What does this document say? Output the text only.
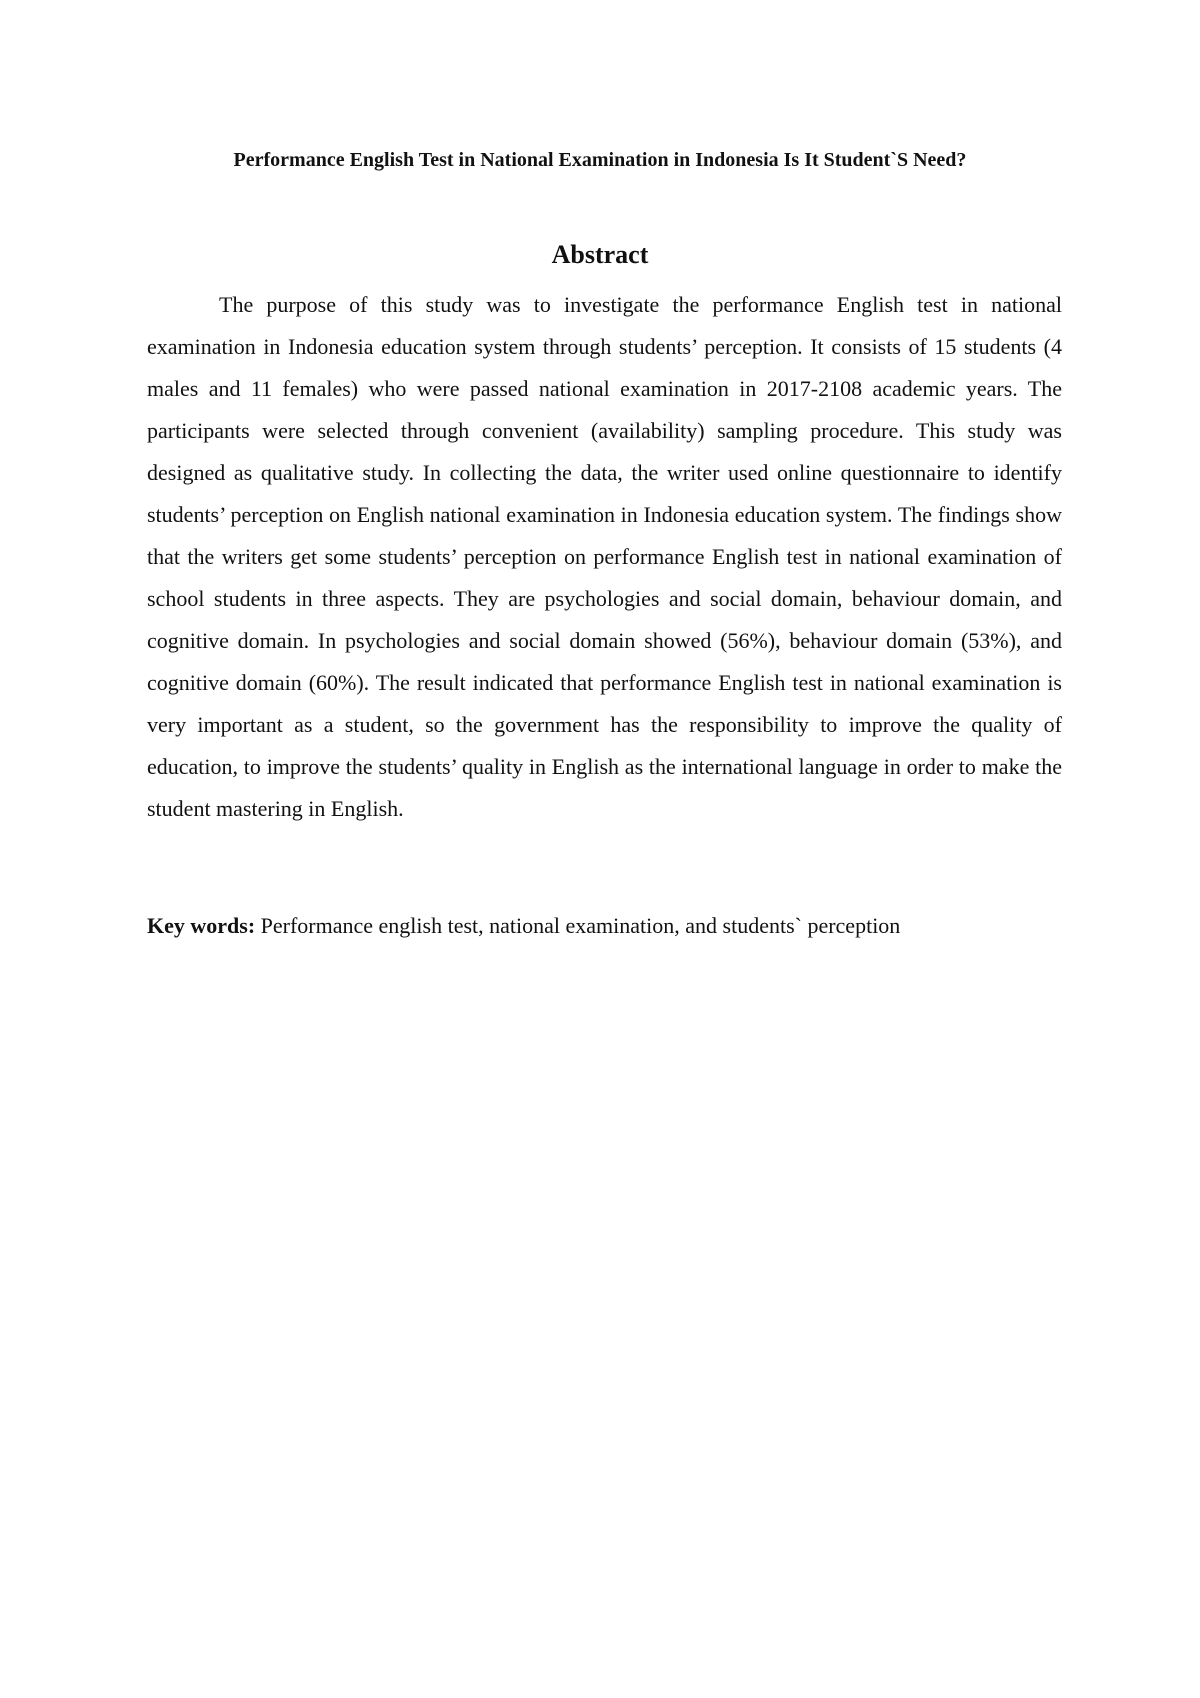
Performance English Test in National Examination in Indonesia Is It Student`S Need?
Abstract

The purpose of this study was to investigate the performance English test in national examination in Indonesia education system through students’ perception. It consists of 15 students (4 males and 11 females) who were passed national examination in 2017-2108 academic years. The participants were selected through convenient (availability) sampling procedure. This study was designed as qualitative study. In collecting the data, the writer used online questionnaire to identify students’ perception on English national examination in Indonesia education system. The findings show that the writers get some students’ perception on performance English test in national examination of school students in three aspects. They are psychologies and social domain, behaviour domain, and cognitive domain. In psychologies and social domain showed (56%), behaviour domain (53%), and cognitive domain (60%). The result indicated that performance English test in national examination is very important as a student, so the government has the responsibility to improve the quality of education, to improve the students’ quality in English as the international language in order to make the student mastering in English.

Key words: Performance english test, national examination, and students` perception
